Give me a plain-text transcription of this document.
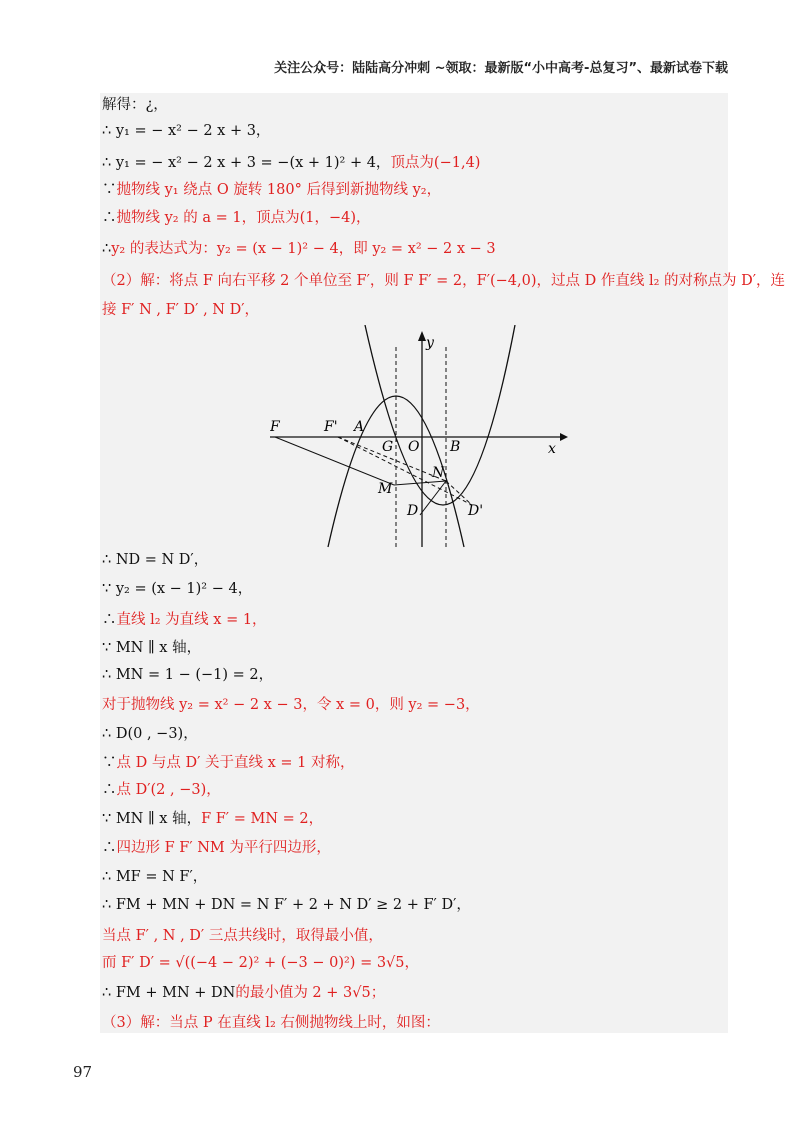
关注公众号：陆陆高分冲刺 ~领取：最新版“小中高考-总复习”、最新试卷下载
解得：¿，
∴ y₁ = − x² − 2 x + 3，
∴ y₁ = − x² − 2 x + 3 = −(x + 1)² + 4，顶点为(−1,4)
∵抛物线 y₁ 绕点 O 旋转 180° 后得到新抛物线 y₂，
∴抛物线 y₂ 的 a = 1，顶点为(1，−4)，
∴y₂ 的表达式为：y₂ = (x − 1)² − 4，即 y₂ = x² − 2 x − 3
（2）解：将点 F 向右平移 2 个单位至 F′，则 F F′ = 2，F′(−4,0)，过点 D 作直线 l₂ 的对称点为 D′，连
接 F′ N , F′ D′ , N D′，
∴ ND = N D′，
∵ y₂ = (x − 1)² − 4，
∴直线 l₂ 为直线 x = 1，
∵ MN ∥ x 轴，
∴ MN = 1 − (−1) = 2，
对于抛物线 y₂ = x² − 2 x − 3，令 x = 0，则 y₂ = −3，
∴ D(0 , −3)，
∵点 D 与点 D′ 关于直线 x = 1 对称，
∴点 D′(2 , −3)，
∵ MN ∥ x 轴，F F′ = MN = 2，
∴四边形 F F′ NM 为平行四边形，
∴ MF = N F′，
∴ FM + MN + DN = N F′ + 2 + N D′ ≥ 2 + F′ D′，
当点 F′ , N , D′ 三点共线时，取得最小值，
而 F′ D′ = √((−4 − 2)² + (−3 − 0)²) = 3√5，
∴ FM + MN + DN的最小值为 2 + 3√5；
（3）解：当点 P 在直线 l₂ 右侧抛物线上时，如图：
F	F' A
G O B	x
y
N
M
D	D'
97
